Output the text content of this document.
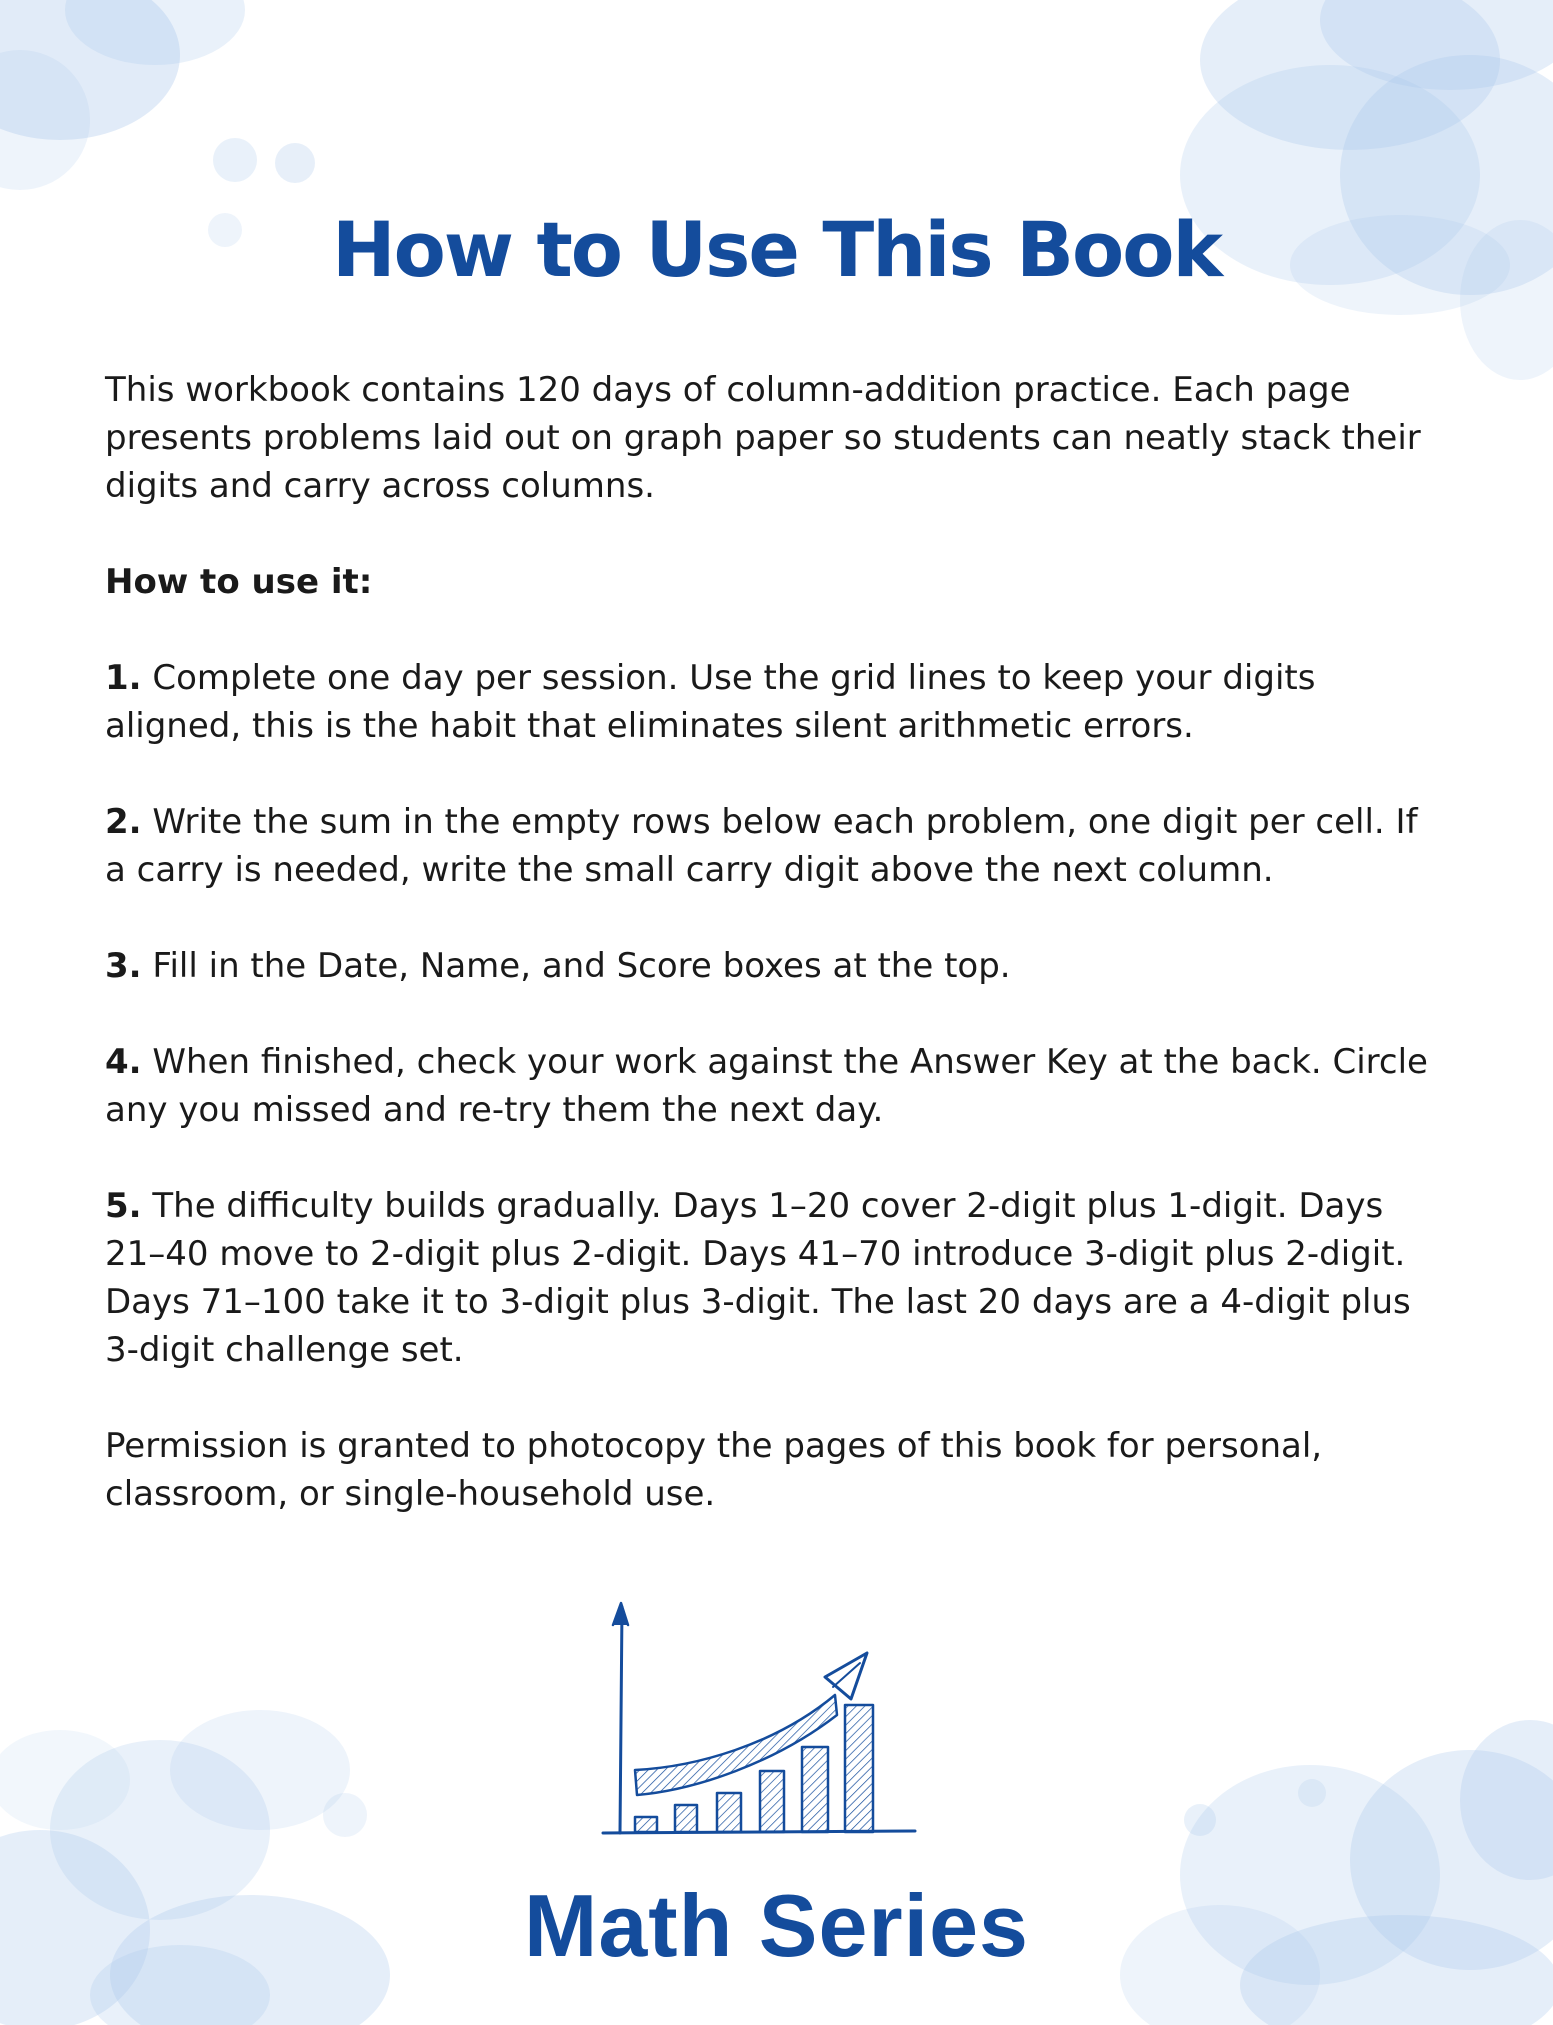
How to Use This Book

This workbook contains 120 days of column-addition practice. Each page presents problems laid out on graph paper so students can neatly stack their digits and carry across columns.

How to use it:

1. Complete one day per session. Use the grid lines to keep your digits aligned, this is the habit that eliminates silent arithmetic errors.

2. Write the sum in the empty rows below each problem, one digit per cell. If a carry is needed, write the small carry digit above the next column.

3. Fill in the Date, Name, and Score boxes at the top.

4. When finished, check your work against the Answer Key at the back. Circle any you missed and re-try them the next day.

5. The difficulty builds gradually. Days 1–20 cover 2-digit plus 1-digit. Days 21–40 move to 2-digit plus 2-digit. Days 41–70 introduce 3-digit plus 2-digit. Days 71–100 take it to 3-digit plus 3-digit. The last 20 days are a 4-digit plus 3-digit challenge set.

Permission is granted to photocopy the pages of this book for personal, classroom, or single-household use.

Math Series
